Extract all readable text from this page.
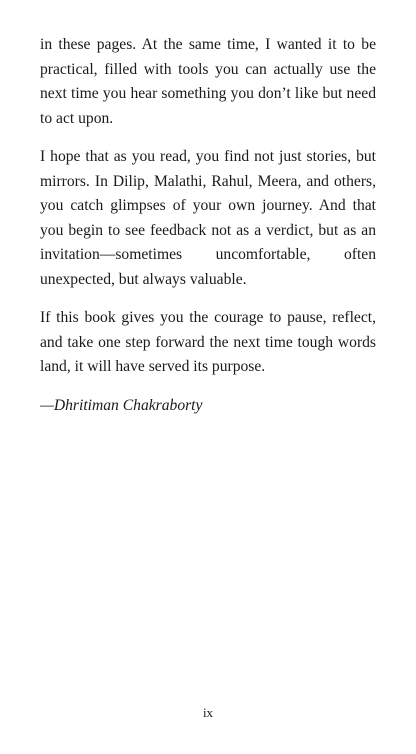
in these pages. At the same time, I wanted it to be practical, filled with tools you can actually use the next time you hear something you don’t like but need to act upon.

I hope that as you read, you find not just stories, but mirrors. In Dilip, Malathi, Rahul, Meera, and others, you catch glimpses of your own journey. And that you begin to see feedback not as a verdict, but as an invitation—sometimes uncomfortable, often unexpected, but always valuable.

If this book gives you the courage to pause, reflect, and take one step forward the next time tough words land, it will have served its purpose.

—Dhritiman Chakraborty

ix
